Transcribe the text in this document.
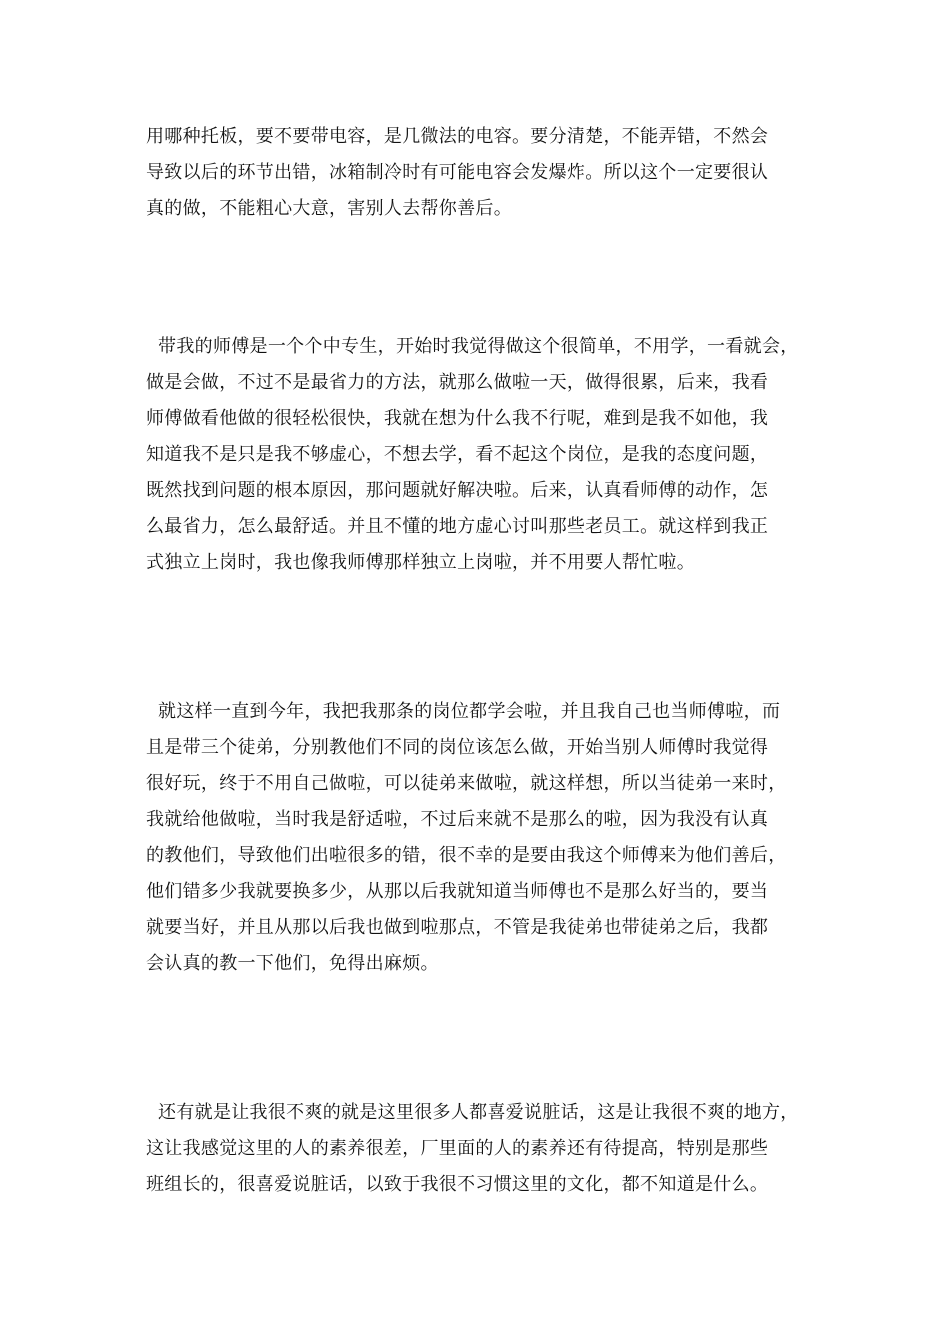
用哪种托板，要不要带电容，是几微法的电容。要分清楚，不能弄错，不然会
导致以后的环节出错，冰箱制冷时有可能电容会发爆炸。所以这个一定要很认
真的做，不能粗心大意，害别人去帮你善后。
带我的师傅是一个个中专生，开始时我觉得做这个很简单，不用学，一看就会，
做是会做，不过不是最省力的方法，就那么做啦一天，做得很累，后来，我看
师傅做看他做的很轻松很快，我就在想为什么我不行呢，难到是我不如他，我
知道我不是只是我不够虚心，不想去学，看不起这个岗位，是我的态度问题，
既然找到问题的根本原因，那问题就好解决啦。后来，认真看师傅的动作，怎
么最省力，怎么最舒适。并且不懂的地方虚心讨叫那些老员工。就这样到我正
式独立上岗时，我也像我师傅那样独立上岗啦，并不用要人帮忙啦。
就这样一直到今年，我把我那条的岗位都学会啦，并且我自己也当师傅啦，而
且是带三个徒弟，分别教他们不同的岗位该怎么做，开始当别人师傅时我觉得
很好玩，终于不用自己做啦，可以徒弟来做啦，就这样想，所以当徒弟一来时，
我就给他做啦，当时我是舒适啦，不过后来就不是那么的啦，因为我没有认真
的教他们，导致他们出啦很多的错，很不幸的是要由我这个师傅来为他们善后，
他们错多少我就要换多少，从那以后我就知道当师傅也不是那么好当的，要当
就要当好，并且从那以后我也做到啦那点，不管是我徒弟也带徒弟之后，我都
会认真的教一下他们，免得出麻烦。
还有就是让我很不爽的就是这里很多人都喜爱说脏话，这是让我很不爽的地方，
这让我感觉这里的人的素养很差，厂里面的人的素养还有待提高，特别是那些
班组长的，很喜爱说脏话，以致于我很不习惯这里的文化，都不知道是什么。
